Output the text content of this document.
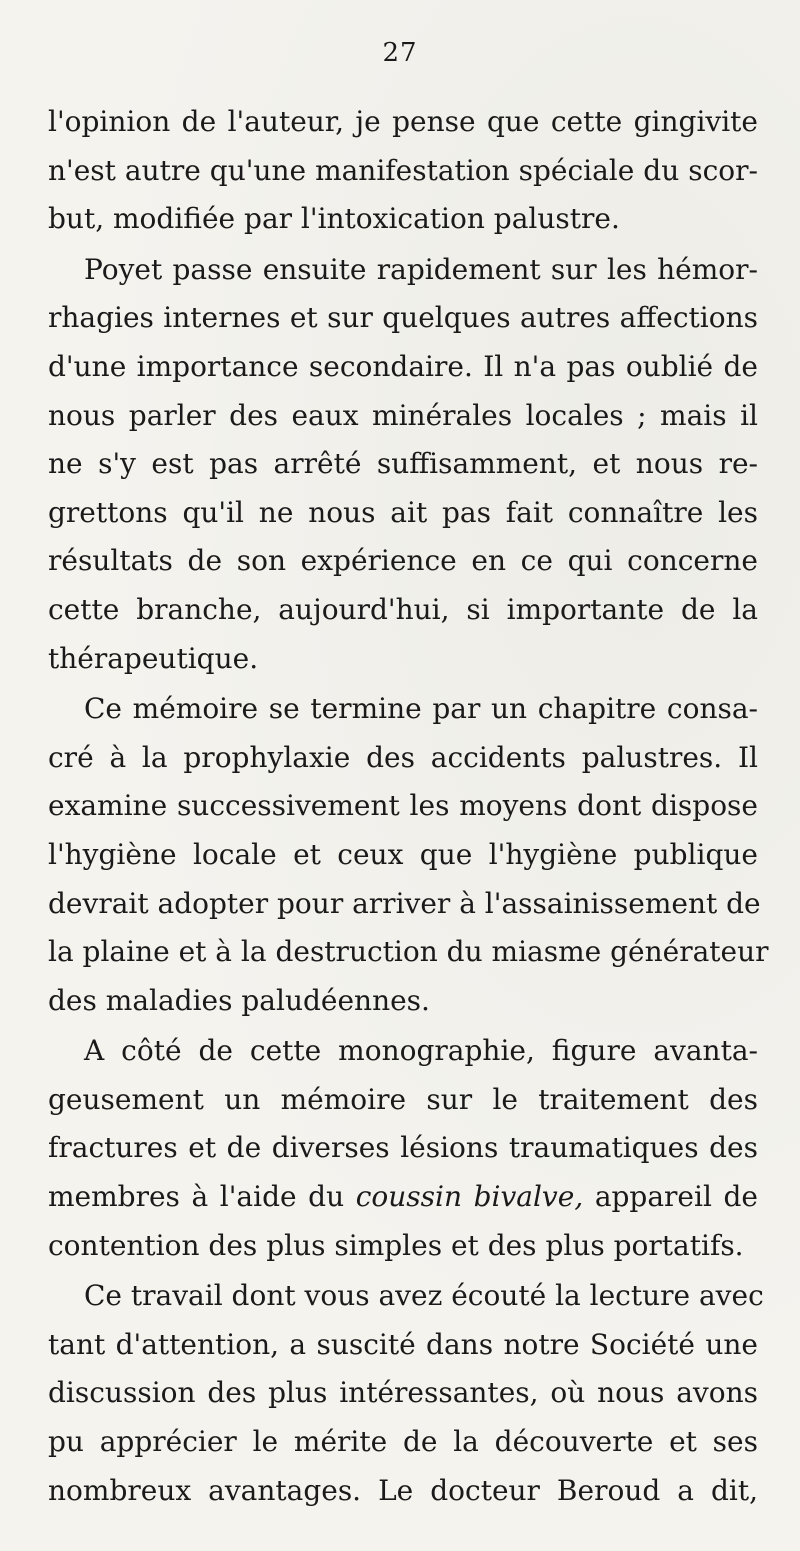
27

l'opinion de l'auteur, je pense que cette gingivite
n'est autre qu'une manifestation spéciale du scor-
but, modifiée par l'intoxication palustre.

Poyet passe ensuite rapidement sur les hémor-
rhagies internes et sur quelques autres affections
d'une importance secondaire. Il n'a pas oublié de
nous parler des eaux minérales locales ; mais il
ne s'y est pas arrêté suffisamment, et nous re-
grettons qu'il ne nous ait pas fait connaître les
résultats de son expérience en ce qui concerne
cette branche, aujourd'hui, si importante de la
thérapeutique.

Ce mémoire se termine par un chapitre consa-
cré à la prophylaxie des accidents palustres. Il
examine successivement les moyens dont dispose
l'hygiène locale et ceux que l'hygiène publique
devrait adopter pour arriver à l'assainissement de
la plaine et à la destruction du miasme générateur
des maladies paludéennes.

A côté de cette monographie, figure avanta-
geusement un mémoire sur le traitement des
fractures et de diverses lésions traumatiques des
membres à l'aide du coussin bivalve, appareil de
contention des plus simples et des plus portatifs.

Ce travail dont vous avez écouté la lecture avec
tant d'attention, a suscité dans notre Société une
discussion des plus intéressantes, où nous avons
pu apprécier le mérite de la découverte et ses
nombreux avantages. Le docteur Beroud a dit,
